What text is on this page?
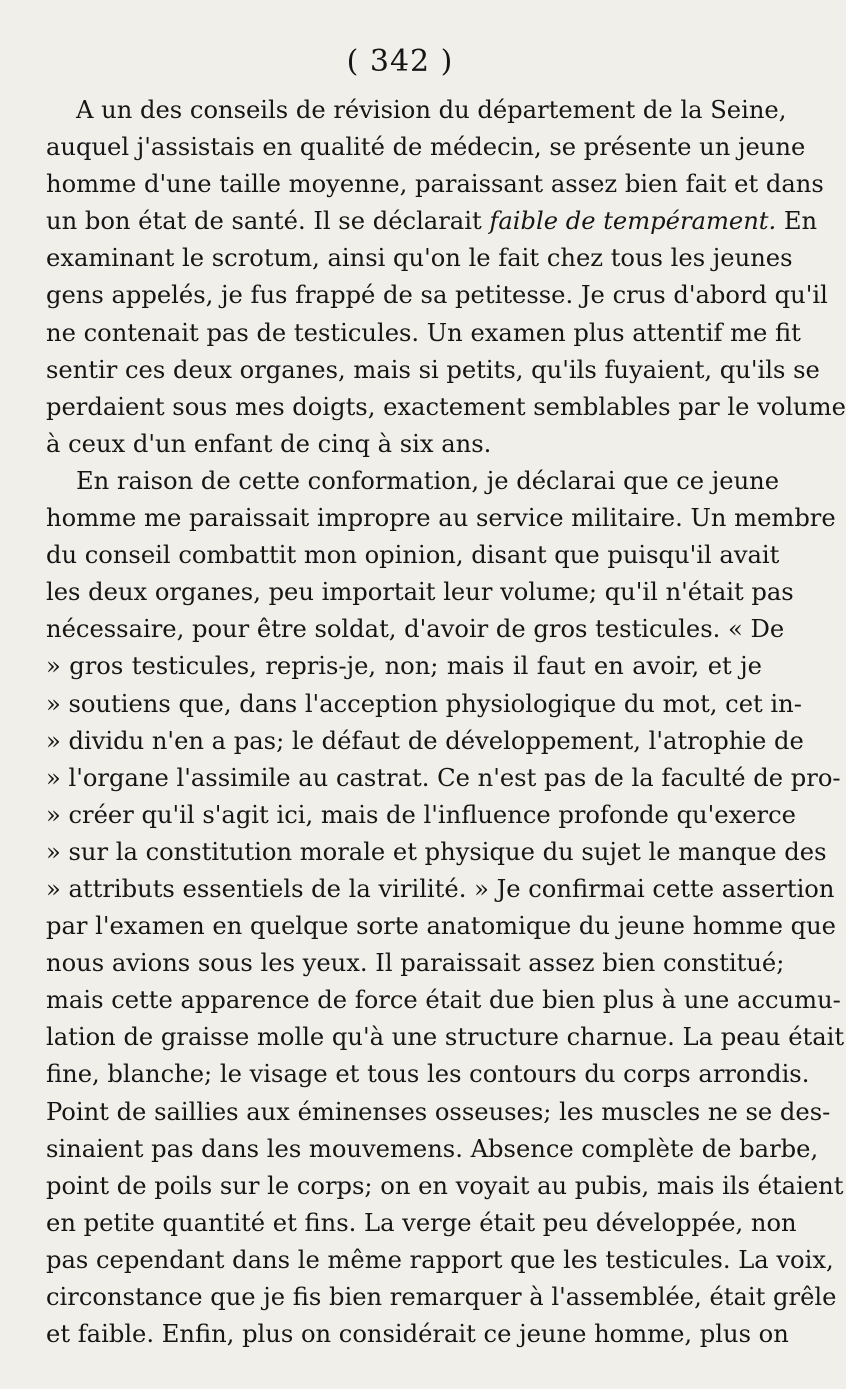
( 342 )
A un des conseils de révision du département de la Seine,
auquel j'assistais en qualité de médecin, se présente un jeune
homme d'une taille moyenne, paraissant assez bien fait et dans
un bon état de santé. Il se déclarait faible de tempérament. En
examinant le scrotum, ainsi qu'on le fait chez tous les jeunes
gens appelés, je fus frappé de sa petitesse. Je crus d'abord qu'il
ne contenait pas de testicules. Un examen plus attentif me fit
sentir ces deux organes, mais si petits, qu'ils fuyaient, qu'ils se
perdaient sous mes doigts, exactement semblables par le volume
à ceux d'un enfant de cinq à six ans.
En raison de cette conformation, je déclarai que ce jeune
homme me paraissait impropre au service militaire. Un membre
du conseil combattit mon opinion, disant que puisqu'il avait
les deux organes, peu importait leur volume; qu'il n'était pas
nécessaire, pour être soldat, d'avoir de gros testicules. « De
» gros testicules, repris-je, non; mais il faut en avoir, et je
» soutiens que, dans l'acception physiologique du mot, cet in-
» dividu n'en a pas; le défaut de développement, l'atrophie de
» l'organe l'assimile au castrat. Ce n'est pas de la faculté de pro-
» créer qu'il s'agit ici, mais de l'influence profonde qu'exerce
» sur la constitution morale et physique du sujet le manque des
» attributs essentiels de la virilité. » Je confirmai cette assertion
par l'examen en quelque sorte anatomique du jeune homme que
nous avions sous les yeux. Il paraissait assez bien constitué;
mais cette apparence de force était due bien plus à une accumu-
lation de graisse molle qu'à une structure charnue. La peau était
fine, blanche; le visage et tous les contours du corps arrondis.
Point de saillies aux éminenses osseuses; les muscles ne se des-
sinaient pas dans les mouvemens. Absence complète de barbe,
point de poils sur le corps; on en voyait au pubis, mais ils étaient
en petite quantité et fins. La verge était peu développée, non
pas cependant dans le même rapport que les testicules. La voix,
circonstance que je fis bien remarquer à l'assemblée, était grêle
et faible. Enfin, plus on considérait ce jeune homme, plus on
